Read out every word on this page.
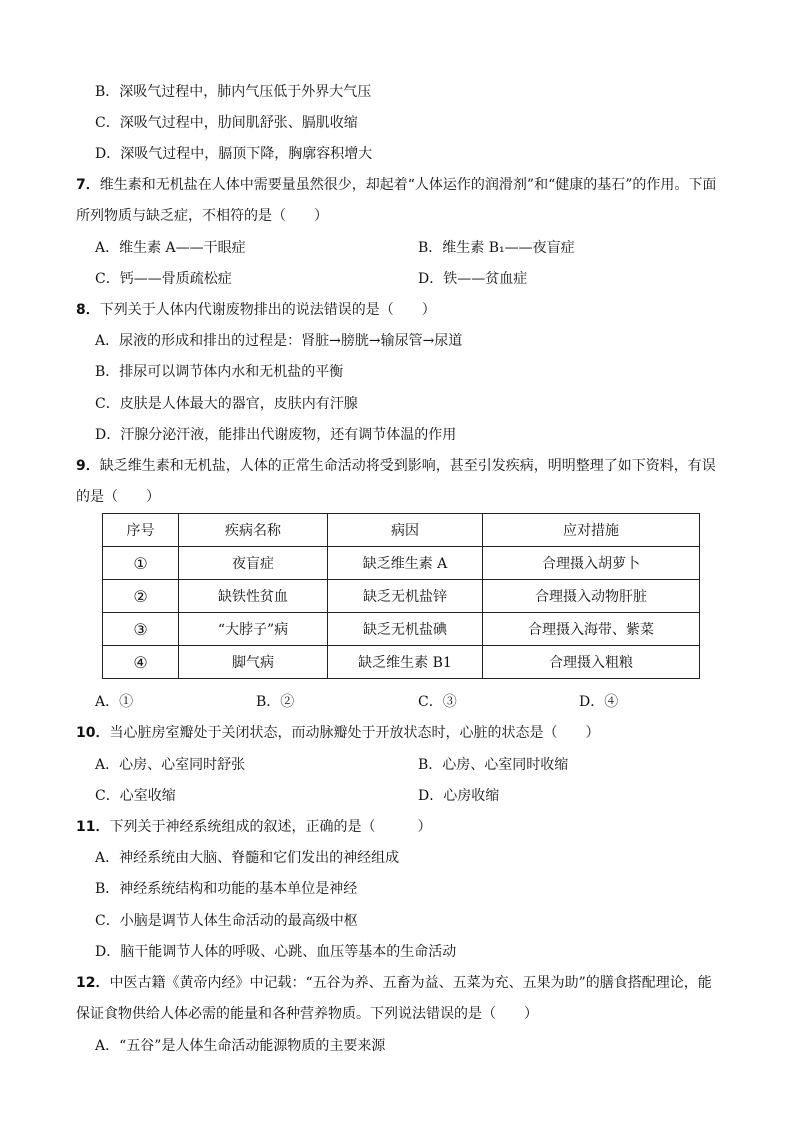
B．深吸气过程中，肺内气压低于外界大气压
C．深吸气过程中，肋间肌舒张、膈肌收缩
D．深吸气过程中，膈顶下降，胸廓容积增大
7．维生素和无机盐在人体中需要量虽然很少，却起着“人体运作的润滑剂”和“健康的基石”的作用。下面
所列物质与缺乏症，不相符的是（　　）
A．维生素 A——干眼症	B．维生素 B₁——夜盲症
C．钙——骨质疏松症	D．铁——贫血症
8．下列关于人体内代谢废物排出的说法错误的是（　　）
A．尿液的形成和排出的过程是：肾脏→膀胱→输尿管→尿道
B．排尿可以调节体内水和无机盐的平衡
C．皮肤是人体最大的器官，皮肤内有汗腺
D．汗腺分泌汗液，能排出代谢废物，还有调节体温的作用
9．缺乏维生素和无机盐，人体的正常生命活动将受到影响，甚至引发疾病，明明整理了如下资料，有误
的是（　　）
序号	疾病名称	病因	应对措施
①	夜盲症	缺乏维生素 A	合理摄入胡萝卜
②	缺铁性贫血	缺乏无机盐锌	合理摄入动物肝脏
③	“大脖子”病	缺乏无机盐碘	合理摄入海带、紫菜
④	脚气病	缺乏维生素 B1	合理摄入粗粮
A．①	B．②	C．③	D．④
10．当心脏房室瓣处于关闭状态，而动脉瓣处于开放状态时，心脏的状态是（　　）
A．心房、心室同时舒张	B．心房、心室同时收缩
C．心室收缩	D．心房收缩
11．下列关于神经系统组成的叙述，正确的是（　　　）
A．神经系统由大脑、脊髓和它们发出的神经组成
B．神经系统结构和功能的基本单位是神经
C．小脑是调节人体生命活动的最高级中枢
D．脑干能调节人体的呼吸、心跳、血压等基本的生命活动
12．中医古籍《黄帝内经》中记载：“五谷为养、五畜为益、五菜为充、五果为助”的膳食搭配理论，能
保证食物供给人体必需的能量和各种营养物质。下列说法错误的是（　　）
A．“五谷”是人体生命活动能源物质的主要来源
